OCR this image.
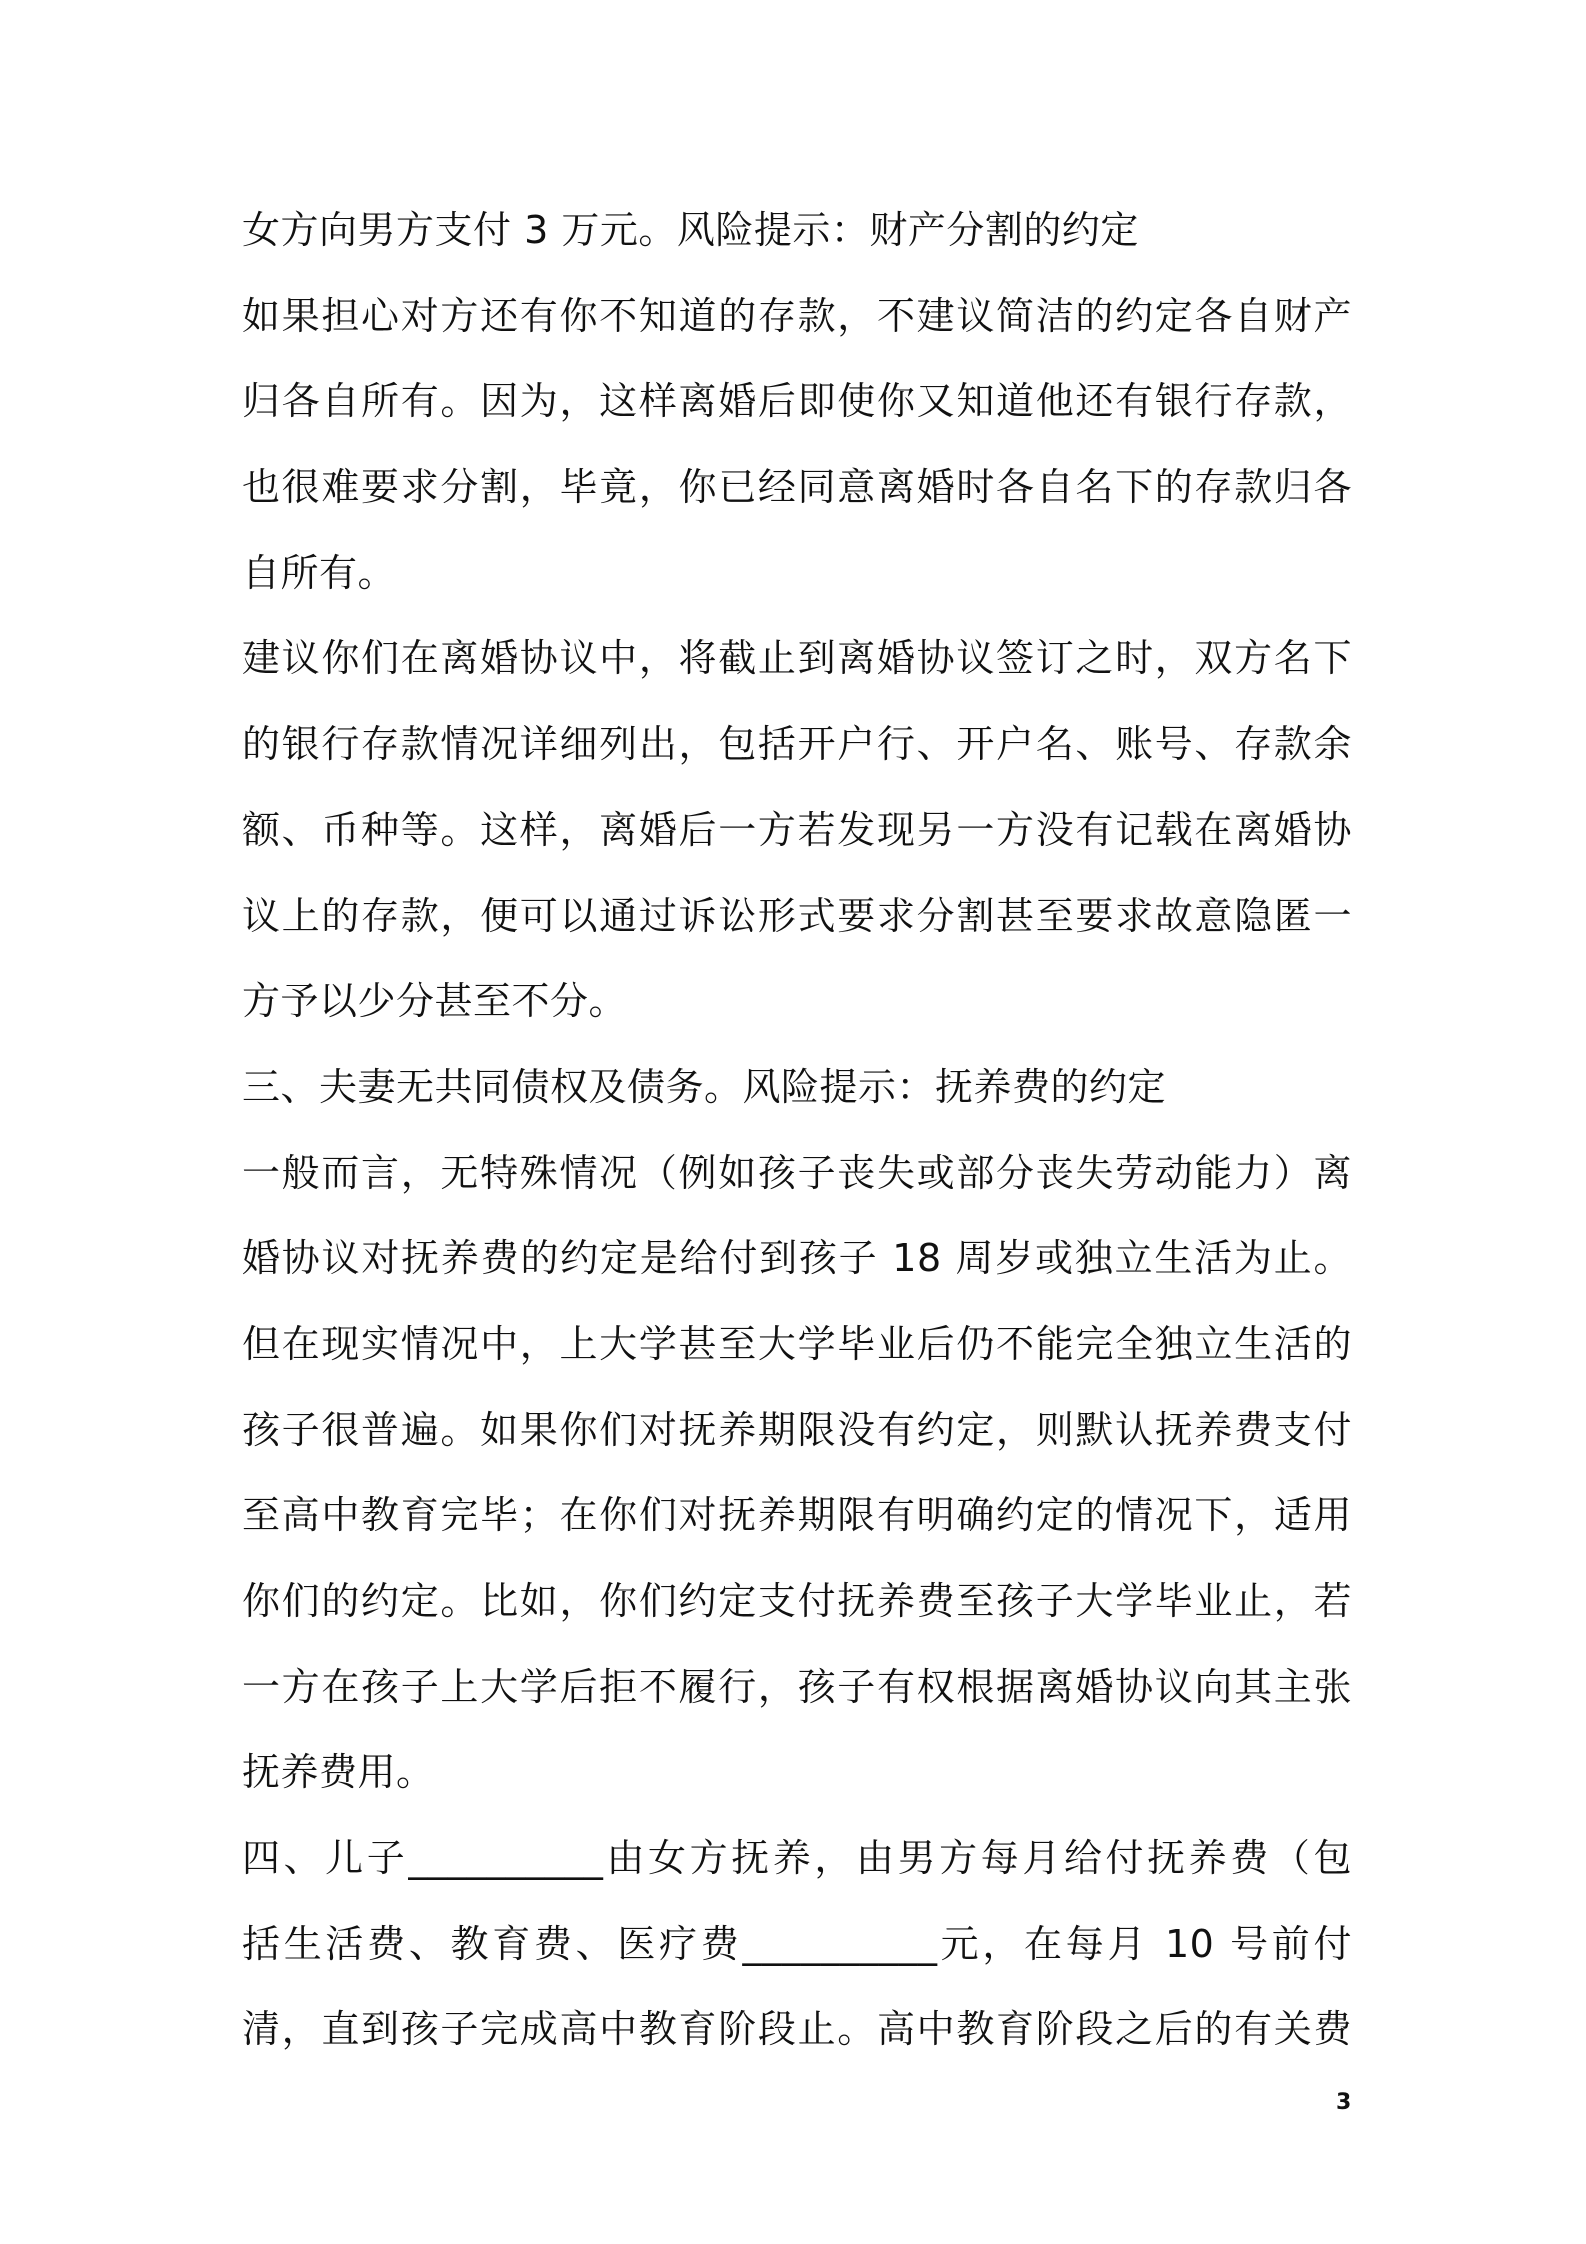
女方向男方支付 3 万元。风险提示：财产分割的约定
如果担心对方还有你不知道的存款，不建议简洁的约定各自财产
归各自所有。因为，这样离婚后即使你又知道他还有银行存款，
也很难要求分割，毕竟，你已经同意离婚时各自名下的存款归各
自所有。
建议你们在离婚协议中，将截止到离婚协议签订之时，双方名下
的银行存款情况详细列出，包括开户行、开户名、账号、存款余
额、币种等。这样，离婚后一方若发现另一方没有记载在离婚协
议上的存款，便可以通过诉讼形式要求分割甚至要求故意隐匿一
方予以少分甚至不分。
三、夫妻无共同债权及债务。风险提示：抚养费的约定
一般而言，无特殊情况（例如孩子丧失或部分丧失劳动能力）离
婚协议对抚养费的约定是给付到孩子 18 周岁或独立生活为止。
但在现实情况中，上大学甚至大学毕业后仍不能完全独立生活的
孩子很普遍。如果你们对抚养期限没有约定，则默认抚养费支付
至高中教育完毕；在你们对抚养期限有明确约定的情况下，适用
你们的约定。比如，你们约定支付抚养费至孩子大学毕业止，若
一方在孩子上大学后拒不履行，孩子有权根据离婚协议向其主张
抚养费用。
四、儿子__________由女方抚养，由男方每月给付抚养费（包
括生活费、教育费、医疗费__________元，在每月 10 号前付
清，直到孩子完成高中教育阶段止。高中教育阶段之后的有关费
3
